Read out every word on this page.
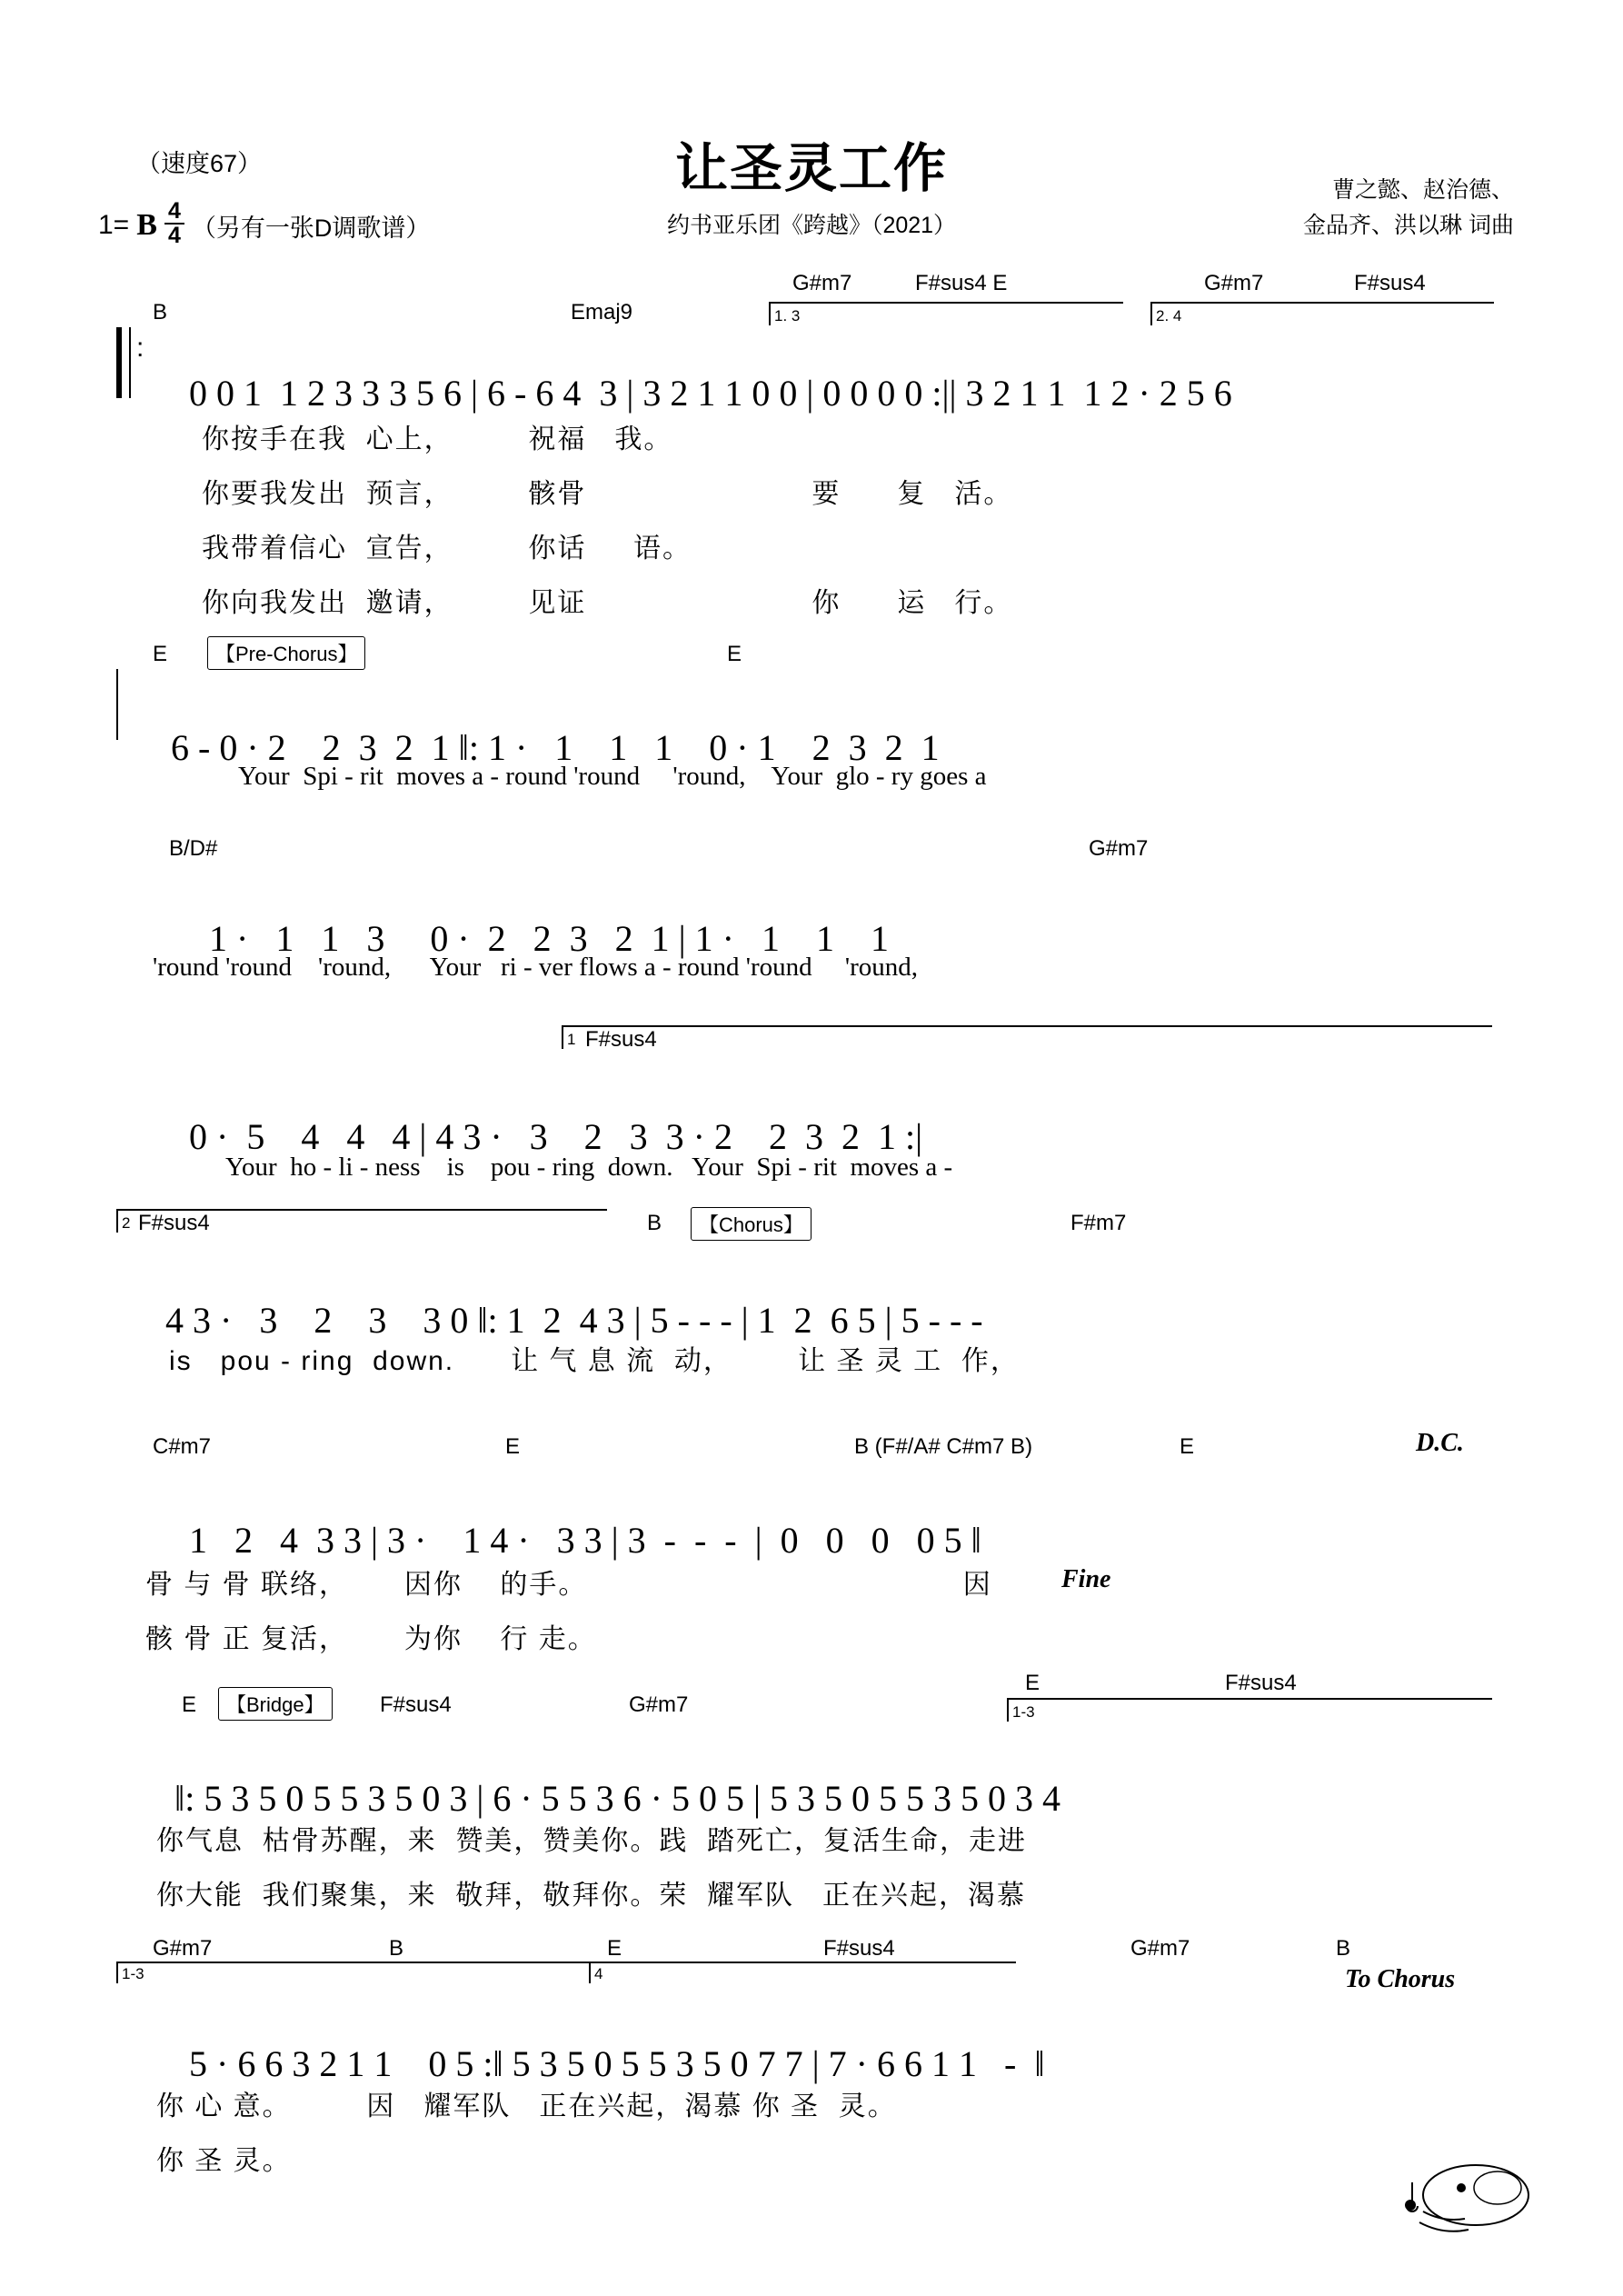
（速度67）
1= B $\frac{4}{4}$ （另有一张D调歌谱）
让圣灵工作
约书亚乐团《跨越》（2021）
曹之懿、赵治德、
金品齐、洪以琳 词曲
B	Emaj9
G#m7	F#sus4 E	G#m7	F#sus4
1. 3	2. 4
:

0 0 1  1 2 3 3 3 5 6 | 6 - 6 4  3 | 3 2 1 1 0 0 | 0 0 0 0 :|| 3 2 1 1  1 2 · 2 5 6

你按手在我  心上，        祝福   我。
你要我发出  预言，        骸骨                        要      复   活。
我带着信心  宣告，        你话     语。
你向我发出  邀请，        见证                        你      运   行。
E	【Pre-Chorus】	E

6 - 0 · 2    2  3  2  1 ‖: 1 ·   1    1   1    0 · 1    2  3  2  1

Your  Spi - rit  moves a - round 'round     'round,    Your  glo - ry goes a
B/D#	G#m7

1 ·   1   1   3     0 ·  2   2  3   2  1 | 1 ·   1    1    1

'round 'round    'round,      Your   ri - ver flows a - round 'round     'round,
1 F#sus4

0 ·  5    4   4   4 | 4 3 ·   3    2   3  3 · 2    2  3  2  1 :|

Your  ho - li - ness    is    pou - ring  down.   Your  Spi - rit  moves a -
2 F#sus4	B	【Chorus】	F#m7

4 3 ·   3    2    3    3 0 ‖: 1  2  4 3 | 5 - - - | 1  2  6 5 | 5 - - -

is   pou - ring  down.      让 气 息 流  动，       让 圣 灵 工  作，
C#m7	E	B (F#/A# C#m7 B)	E	D.C.

1   2   4  3 3 | 3 ·    1 4 ·   3 3 | 3  -  -  -  |  0   0   0   0 5 ‖

骨 与 骨 联络，      因你    的手。                                        因
骸 骨 正 复活，      为你    行 走。
Fine
E	【Bridge】	F#sus4	G#m7
E	F#sus4
1-3

‖: 5 3 5 0 5 5 3 5 0 3 | 6 · 5 5 3 6 · 5 0 5 | 5 3 5 0 5 5 3 5 0 3 4

你气息  枯骨苏醒，来  赞美，赞美你。践  踏死亡，复活生命，走进
你大能  我们聚集，来  敬拜，敬拜你。荣  耀军队   正在兴起，渴慕
G#m7	B	E	F#sus4	G#m7	B
To Chorus
1-3	4

5 · 6 6 3 2 1 1    0 5 :‖ 5 3 5 0 5 5 3 5 0 7 7 | 7 · 6 6 1 1   -  ‖

你 心 意。        因   耀军队   正在兴起，渴慕 你 圣  灵。
你 圣 灵。
